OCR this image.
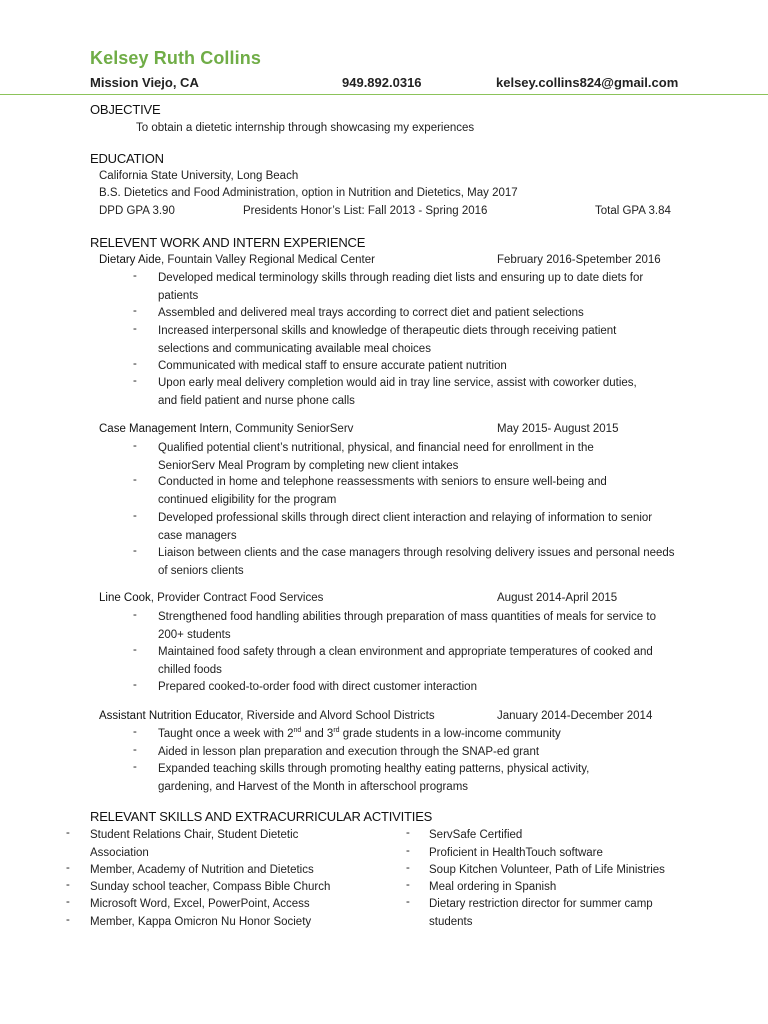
Kelsey Ruth Collins
Mission Viejo, CA	949.892.0316	kelsey.collins824@gmail.com
OBJECTIVE
To obtain a dietetic internship through showcasing my experiences
EDUCATION
California State University, Long Beach
B.S. Dietetics and Food Administration, option in Nutrition and Dietetics, May 2017
DPD GPA 3.90	Presidents Honor’s List: Fall 2013 - Spring 2016	Total GPA 3.84
RELEVENT WORK AND INTERN EXPERIENCE
Dietary Aide, Fountain Valley Regional Medical Center	February 2016-Spetember 2016
- Developed medical terminology skills through reading diet lists and ensuring up to date diets for patients
- Assembled and delivered meal trays according to correct diet and patient selections
- Increased interpersonal skills and knowledge of therapeutic diets through receiving patient selections and communicating available meal choices
- Communicated with medical staff to ensure accurate patient nutrition
- Upon early meal delivery completion would aid in tray line service, assist with coworker duties, and field patient and nurse phone calls
Case Management Intern, Community SeniorServ	May 2015- August 2015
- Qualified potential client’s nutritional, physical, and financial need for enrollment in the SeniorServ Meal Program by completing new client intakes
- Conducted in home and telephone reassessments with seniors to ensure well-being and continued eligibility for the program
- Developed professional skills through direct client interaction and relaying of information to senior case managers
- Liaison between clients and the case managers through resolving delivery issues and personal needs of seniors clients
Line Cook, Provider Contract Food Services	August 2014-April 2015
- Strengthened food handling abilities through preparation of mass quantities of meals for service to 200+ students
- Maintained food safety through a clean environment and appropriate temperatures of cooked and chilled foods
- Prepared cooked-to-order food with direct customer interaction
Assistant Nutrition Educator, Riverside and Alvord School Districts	January 2014-December 2014
- Taught once a week with 2nd and 3rd grade students in a low-income community
- Aided in lesson plan preparation and execution through the SNAP-ed grant
- Expanded teaching skills through promoting healthy eating patterns, physical activity, gardening, and Harvest of the Month in afterschool programs
RELEVANT SKILLS AND EXTRACURRICULAR ACTIVITIES
- Student Relations Chair, Student Dietetic Association
- Member, Academy of Nutrition and Dietetics
- Sunday school teacher, Compass Bible Church
- Microsoft Word, Excel, PowerPoint, Access
- Member, Kappa Omicron Nu Honor Society
- ServSafe Certified
- Proficient in HealthTouch software
- Soup Kitchen Volunteer, Path of Life Ministries
- Meal ordering in Spanish
- Dietary restriction director for summer camp students
